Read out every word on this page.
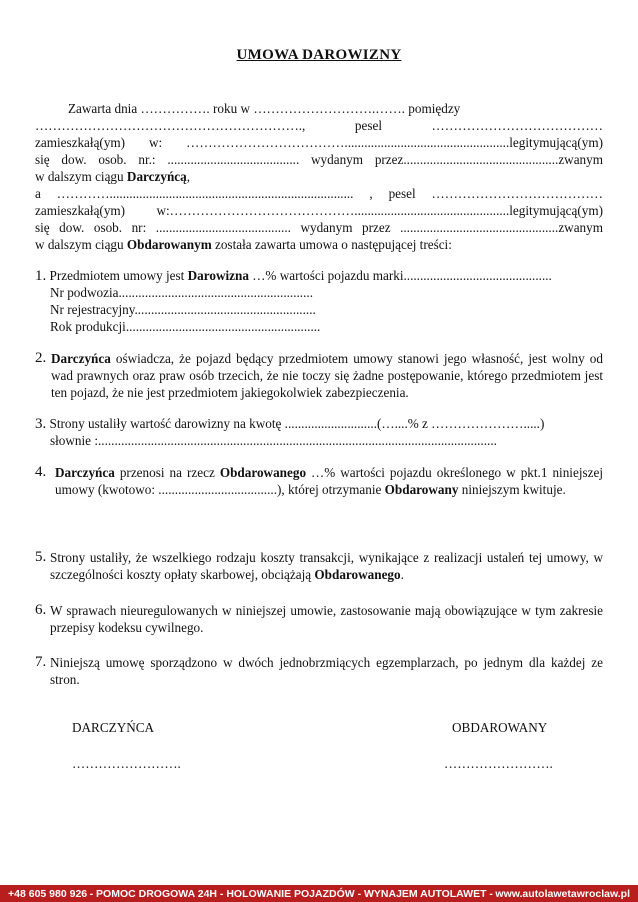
UMOWA DAROWIZNY
Zawarta dnia ……………. roku w ……………………….……. pomiędzy
……………………………………………………., pesel …………………………………
zamieszkałą(ym) w: ………………………………..................................................legitymującą(ym)
się dow. osob. nr.: ........................................ wydanym przez...............................................zwanym
w dalszym ciągu Darczyńcą,
a ………….......................................................................... , pesel …………………………………
zamieszkałą(ym) w:……………………………………...............................................legitymującą(ym)
się dow. osob. nr: ......................................... wydanym przez ................................................zwanym
w dalszym ciągu Obdarowanym została zawarta umowa o następującej treści:
1. Przedmiotem umowy jest Darowizna …% wartości pojazdu marki.............................................
Nr podwozia...........................................................
Nr rejestracyjny.......................................................
Rok produkcji...........................................................
2. Darczyńca oświadcza, że pojazd będący przedmiotem umowy stanowi jego własność, jest wolny od wad prawnych oraz praw osób trzecich, że nie toczy się żadne postępowanie, którego przedmiotem jest ten pojazd, że nie jest przedmiotem jakiegokolwiek zabezpieczenia.
3. Strony ustaliły wartość darowizny na kwotę ............................(…....% z ………………….....)
słownie :.........................................................................................................................
4. Darczyńca przenosi na rzecz Obdarowanego …% wartości pojazdu określonego w pkt.1 niniejszej umowy (kwotowo: ....................................), której otrzymanie Obdarowany niniejszym kwituje.
5. Strony ustaliły, że wszelkiego rodzaju koszty transakcji, wynikające z realizacji ustaleń tej umowy, w szczególności koszty opłaty skarbowej, obciążają Obdarowanego.
6. W sprawach nieuregulowanych w niniejszej umowie, zastosowanie mają obowiązujące w tym zakresie przepisy kodeksu cywilnego.
7. Niniejszą umowę sporządzono w dwóch jednobrzmiących egzemplarzach, po jednym dla każdej ze stron.
DARCZYŃCA
…………………….
OBDAROWANY
…………………….
+48 605 980 926 - POMOC DROGOWA 24H - HOLOWANIE POJAZDÓW - WYNAJEM AUTOLAWET - www.autolawetawroclaw.pl
